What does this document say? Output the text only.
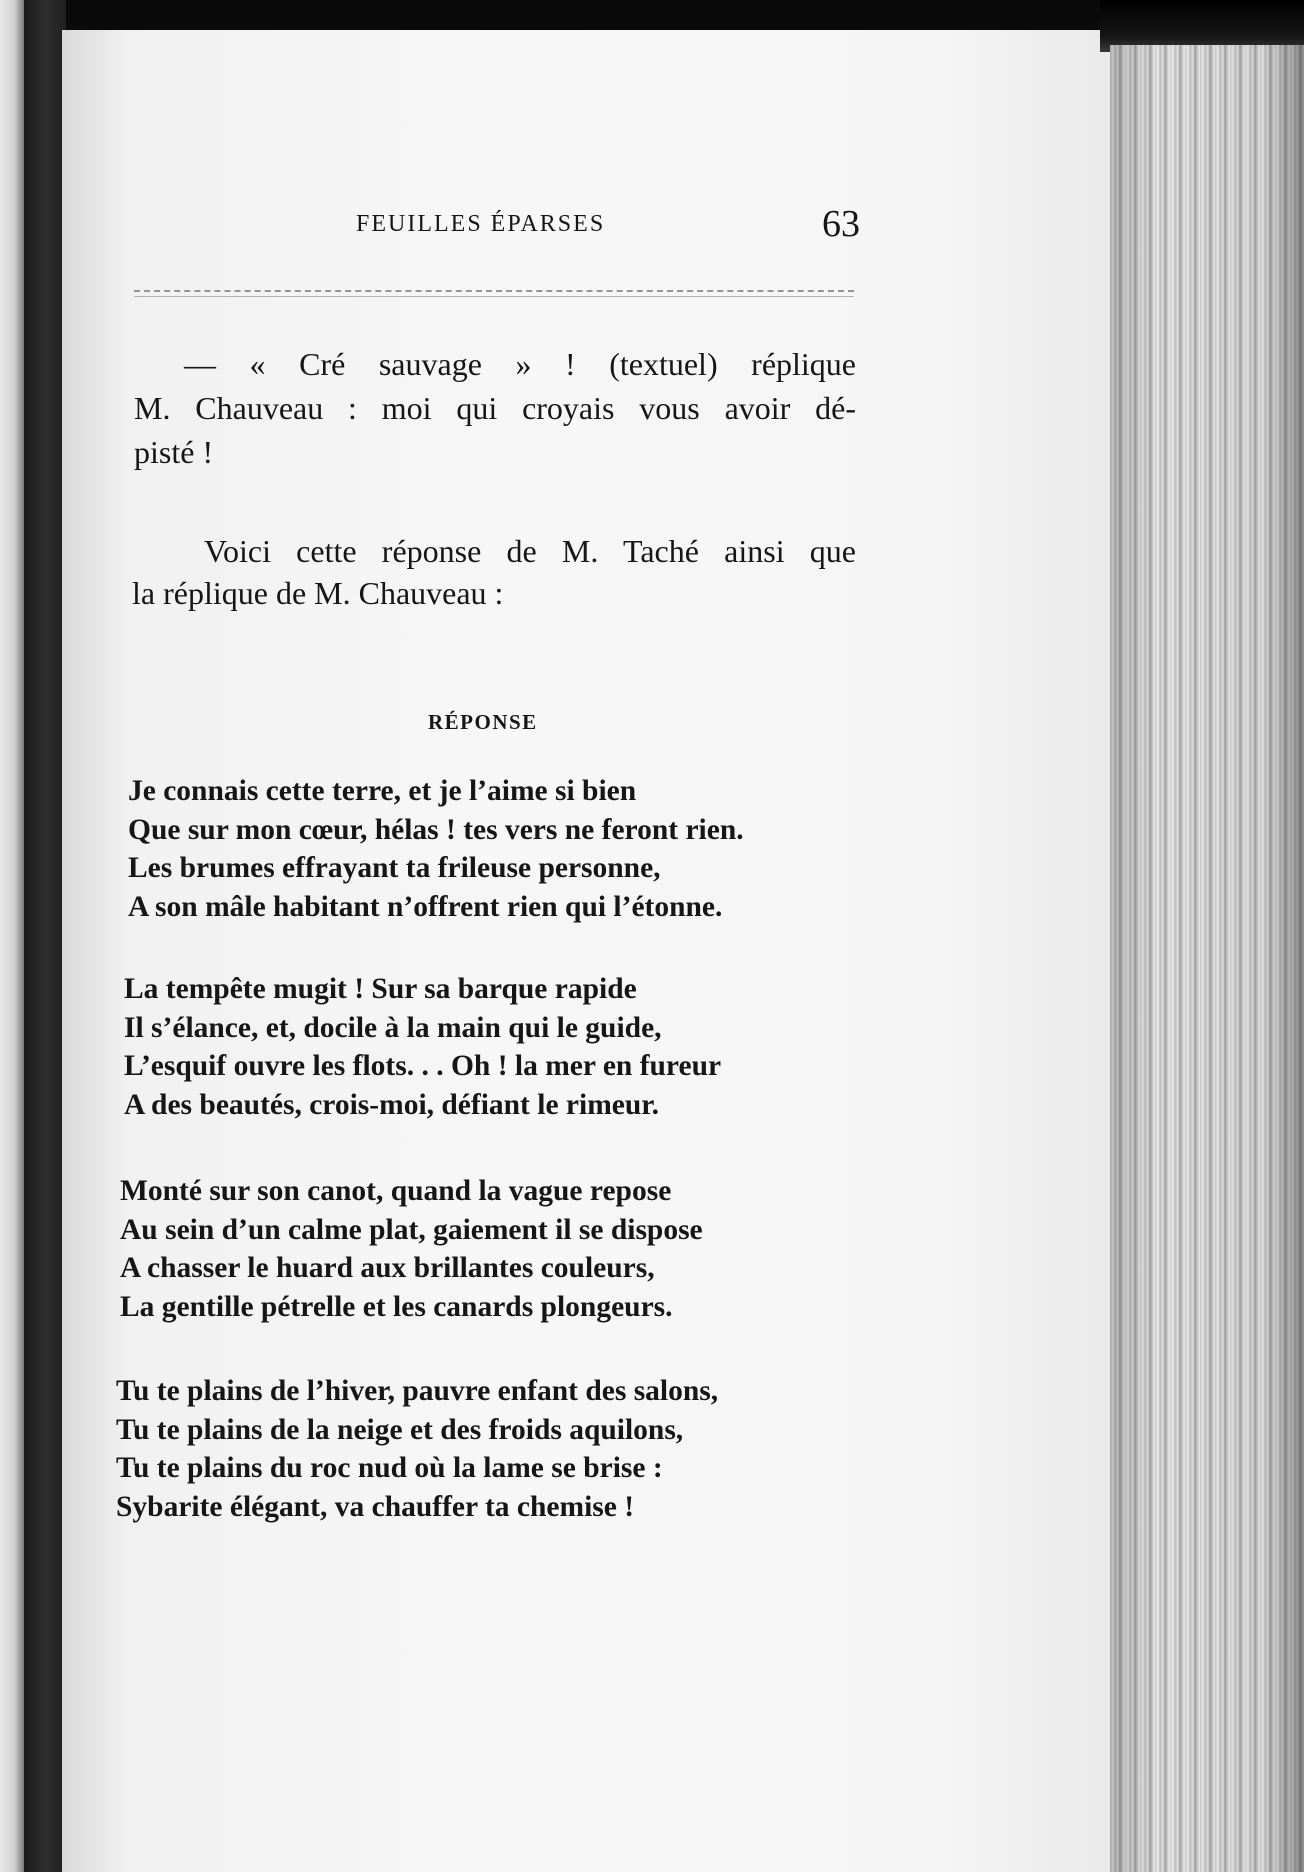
FEUILLES ÉPARSES	63
— « Cré sauvage » ! (textuel) réplique
M. Chauveau : moi qui croyais vous avoir dé-
pisté !
Voici cette réponse de M. Taché ainsi que
la réplique de M. Chauveau :
RÉPONSE
Je connais cette terre, et je l’aime si bien
Que sur mon cœur, hélas ! tes vers ne feront rien.
Les brumes effrayant ta frileuse personne,
A son mâle habitant n’offrent rien qui l’étonne.
La tempête mugit ! Sur sa barque rapide
Il s’élance, et, docile à la main qui le guide,
L’esquif ouvre les flots. . . Oh ! la mer en fureur
A des beautés, crois-moi, défiant le rimeur.
Monté sur son canot, quand la vague repose
Au sein d’un calme plat, gaiement il se dispose
A chasser le huard aux brillantes couleurs,
La gentille pétrelle et les canards plongeurs.
Tu te plains de l’hiver, pauvre enfant des salons,
Tu te plains de la neige et des froids aquilons,
Tu te plains du roc nud où la lame se brise :
Sybarite élégant, va chauffer ta chemise !
